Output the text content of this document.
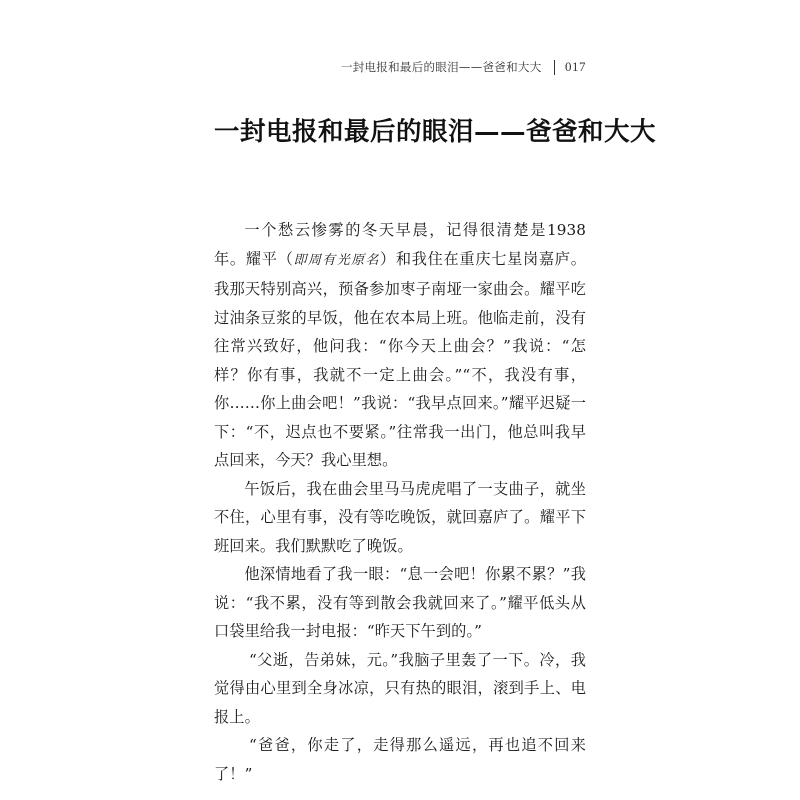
一封电报和最后的眼泪——爸爸和大大 017
一封电报和最后的眼泪——爸爸和大大

一个愁云惨雾的冬天早晨，记得很清楚是1938年。耀平（即周有光原名）和我住在重庆七星岗嘉庐。我那天特别高兴，预备参加枣子南垭一家曲会。耀平吃过油条豆浆的早饭，他在农本局上班。他临走前，没有往常兴致好，他问我：“你今天上曲会？”我说：“怎样？你有事，我就不一定上曲会。”“不，我没有事，你……你上曲会吧！”我说：“我早点回来。”耀平迟疑一下：“不，迟点也不要紧。”往常我一出门，他总叫我早点回来，今天？我心里想。

午饭后，我在曲会里马马虎虎唱了一支曲子，就坐不住，心里有事，没有等吃晚饭，就回嘉庐了。耀平下班回来。我们默默吃了晚饭。

他深情地看了我一眼：“息一会吧！你累不累？”我说：“我不累，没有等到散会我就回来了。”耀平低头从口袋里给我一封电报：“昨天下午到的。”

“父逝，告弟妹，元。”我脑子里轰了一下。冷，我觉得由心里到全身冰凉，只有热的眼泪，滚到手上、电报上。

“爸爸，你走了，走得那么遥远，再也追不回来了！”
